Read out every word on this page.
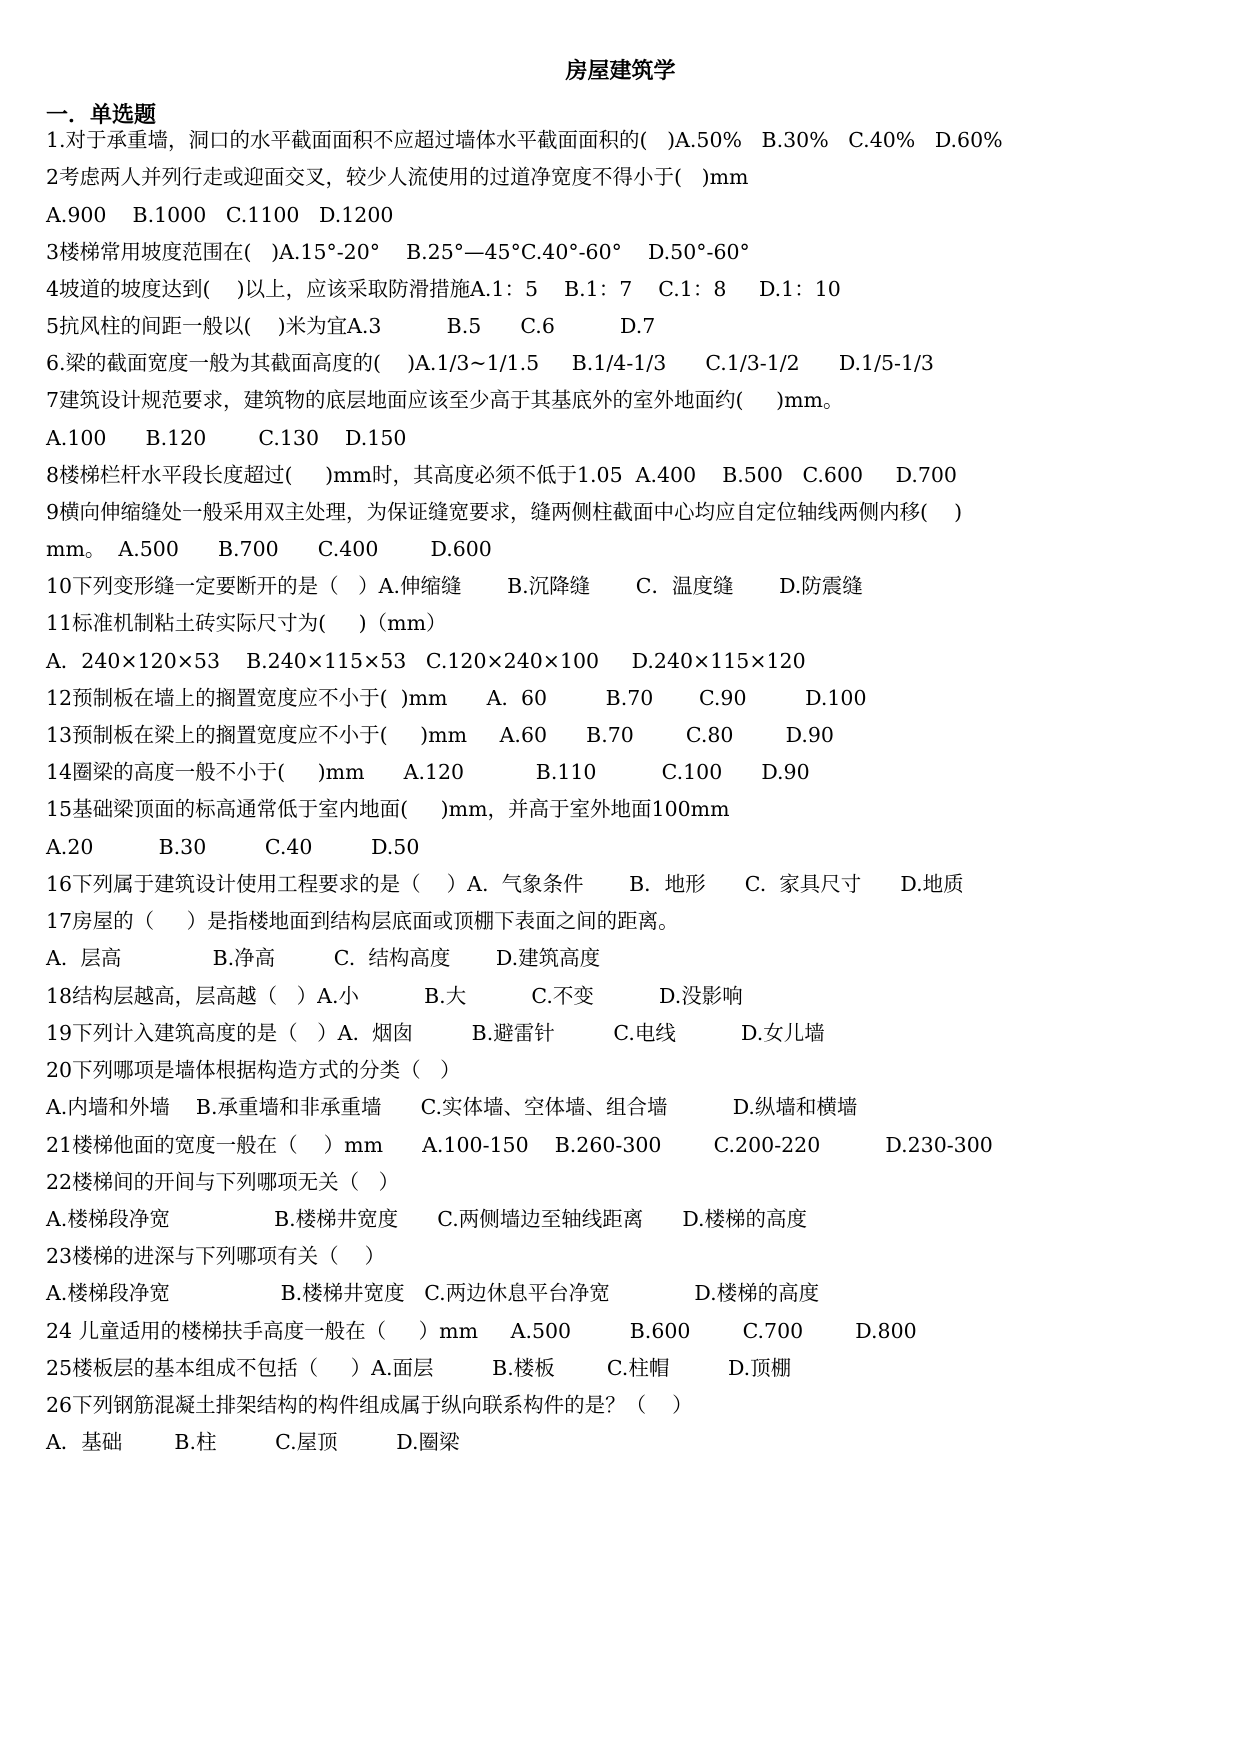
房屋建筑学
一．单选题
1.对于承重墙，洞口的水平截面面积不应超过墙体水平截面面积的(   )A.50%   B.30%   C.40%   D.60%
2考虑两人并列行走或迎面交叉，较少人流使用的过道净宽度不得小于(   )mm
A.900    B.1000   C.1100   D.1200
3楼梯常用坡度范围在(   )A.15°-20°    B.25°—45°C.40°-60°    D.50°-60°
4坡道的坡度达到(    )以上，应该采取防滑措施A.1：5    B.1：7    C.1：8     D.1：10
5抗风柱的间距一般以(    )米为宜A.3          B.5      C.6          D.7
6.梁的截面宽度一般为其截面高度的(    )A.1/3~1/1.5     B.1/4-1/3      C.1/3-1/2      D.1/5-1/3
7建筑设计规范要求，建筑物的底层地面应该至少高于其基底外的室外地面约(     )mm。
A.100      B.120        C.130    D.150
8楼梯栏杆水平段长度超过(     )mm时，其高度必须不低于1.05  A.400    B.500   C.600     D.700
9横向伸缩缝处一般采用双主处理，为保证缝宽要求，缝两侧柱截面中心均应自定位轴线两侧内移(    )
mm。  A.500      B.700      C.400        D.600
10下列变形缝一定要断开的是（   ）A.伸缩缝       B.沉降缝       C．温度缝       D.防震缝
11标准机制粘土砖实际尺寸为(     )（mm）
A．240×120×53    B.240×115×53   C.120×240×100     D.240×115×120
12预制板在墙上的搁置宽度应不小于(  )mm      A.  60         B.70       C.90         D.100
13预制板在梁上的搁置宽度应不小于(     )mm     A.60      B.70        C.80        D.90
14圈梁的高度一般不小于(     )mm      A.120           B.110          C.100      D.90
15基础梁顶面的标高通常低于室内地面(     )mm，并高于室外地面100mm
A.20          B.30         C.40         D.50
16下列属于建筑设计使用工程要求的是（    ）A.  气象条件       B．地形      C.  家具尺寸      D.地质
17房屋的（     ）是指楼地面到结构层底面或顶棚下表面之间的距离。
A.  层高              B.净高         C.  结构高度       D.建筑高度
18结构层越高，层高越（   ）A.小          B.大          C.不变          D.没影响
19下列计入建筑高度的是（   ）A.  烟囱         B.避雷针         C.电线          D.女儿墙
20下列哪项是墙体根据构造方式的分类（   ）
A.内墙和外墙    B.承重墙和非承重墙      C.实体墙、空体墙、组合墙          D.纵墙和横墙
21楼梯他面的宽度一般在（    ）mm      A.100-150    B.260-300        C.200-220          D.230-300
22楼梯间的开间与下列哪项无关（   ）
A.楼梯段净宽                B.楼梯井宽度      C.两侧墙边至轴线距离      D.楼梯的高度
23楼梯的进深与下列哪项有关（    ）
A.楼梯段净宽                 B.楼梯井宽度   C.两边休息平台净宽             D.楼梯的高度
24 儿童适用的楼梯扶手高度一般在（     ）mm     A.500         B.600        C.700        D.800
25楼板层的基本组成不包括（     ）A.面层         B.楼板        C.柱帽         D.顶棚
26下列钢筋混凝土排架结构的构件组成属于纵向联系构件的是？（    ）
A．基础        B.柱         C.屋顶         D.圈梁
